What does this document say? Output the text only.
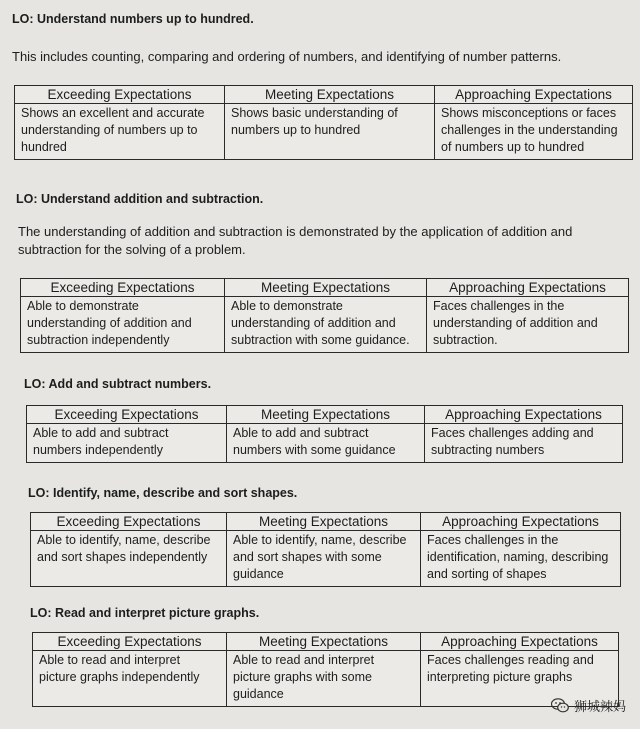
LO: Understand numbers up to hundred.

This includes counting, comparing and ordering of numbers, and identifying of number patterns.

Exceeding Expectations	Meeting Expectations	Approaching Expectations

Shows an excellent and accurate
understanding of numbers up to
hundred	Shows basic understanding of
numbers up to hundred	Shows misconceptions or faces
challenges in the understanding
of numbers up to hundred
LO: Understand addition and subtraction.

The understanding of addition and subtraction is demonstrated by the application of addition and
subtraction for the solving of a problem.

Exceeding Expectations	Meeting Expectations	Approaching Expectations

Able to demonstrate
understanding of addition and
subtraction independently	Able to demonstrate
understanding of addition and
subtraction with some guidance.	Faces challenges in the
understanding of addition and
subtraction.
LO: Add and subtract numbers.
Exceeding Expectations	Meeting Expectations	Approaching Expectations

Able to add and subtract
numbers independently	Able to add and subtract
numbers with some guidance	Faces challenges adding and
subtracting numbers
LO: Identify, name, describe and sort shapes.
Exceeding Expectations	Meeting Expectations	Approaching Expectations

Able to identify, name, describe
and sort shapes independently	Able to identify, name, describe
and sort shapes with some
guidance	Faces challenges in the
identification, naming, describing
and sorting of shapes
LO: Read and interpret picture graphs.
Exceeding Expectations	Meeting Expectations	Approaching Expectations

Able to read and interpret
picture graphs independently	Able to read and interpret
picture graphs with some
guidance	Faces challenges reading and
interpreting picture graphs
狮城辣妈
